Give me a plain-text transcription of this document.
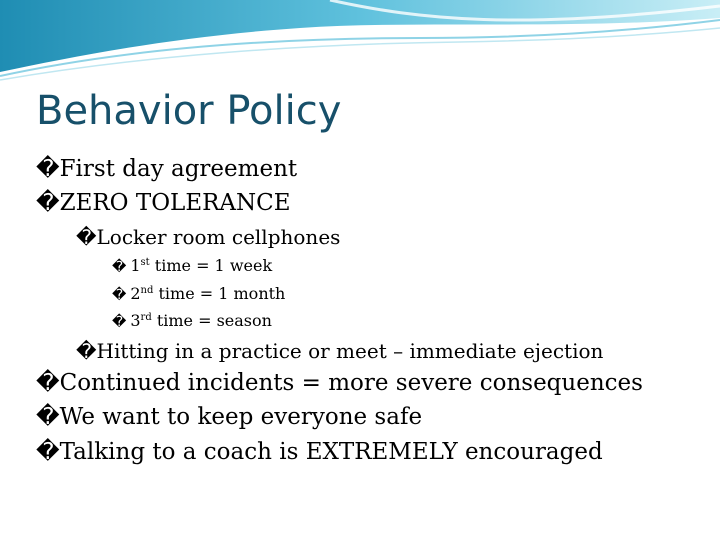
Behavior Policy
�First day agreement
�ZERO TOLERANCE
�Locker room cellphones
� 1st time = 1 week
� 2nd time = 1 month
� 3rd time = season
�Hitting in a practice or meet – immediate ejection
�Continued incidents = more severe consequences
�We want to keep everyone safe
�Talking to a coach is EXTREMELY encouraged
